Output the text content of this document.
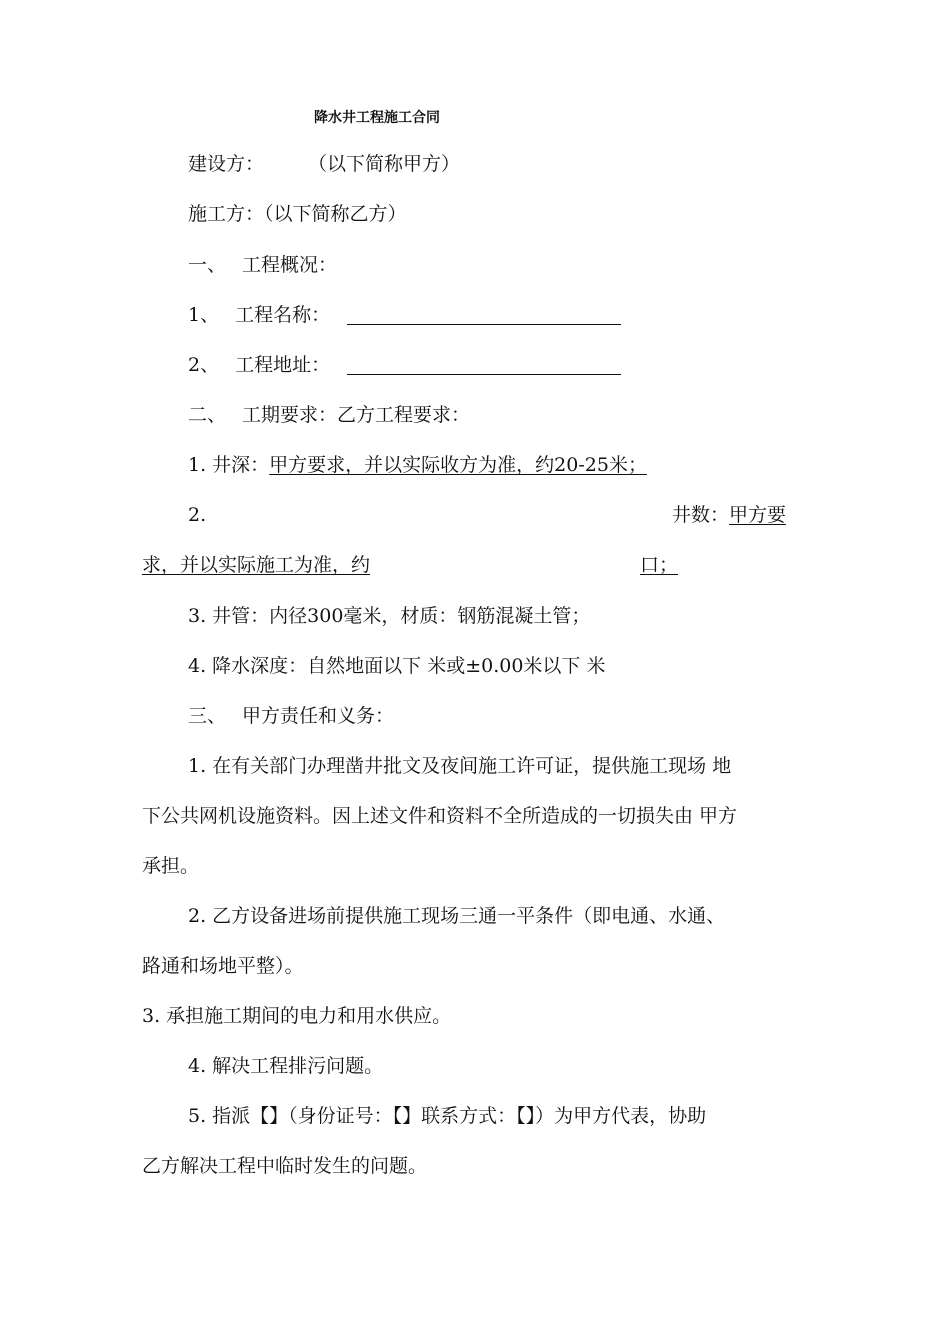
降水井工程施工合同
建设方： （以下简称甲方）
施工方：（以下简称乙方）
一、 工程概况：
1、 工程名称：
2、 工程地址：
二、 工期要求：乙方工程要求：
1. 井深：甲方要求，并以实际收方为准，约20-25米；
2.	井数：甲方要
求，并以实际施工为准，约	口；
3. 井管：内径300毫米，材质：钢筋混凝土管；
4. 降水深度：自然地面以下 米或±0.00米以下 米
三、 甲方责任和义务：
1. 在有关部门办理凿井批文及夜间施工许可证，提供施工现场 地
下公共网机设施资料。因上述文件和资料不全所造成的一切损失由 甲方
承担。
2. 乙方设备进场前提供施工现场三通一平条件（即电通、水通、
路通和场地平整）。
3. 承担施工期间的电力和用水供应。
4. 解决工程排污问题。
5. 指派【】（身份证号：【】联系方式：【】）为甲方代表，协助
乙方解决工程中临时发生的问题。
